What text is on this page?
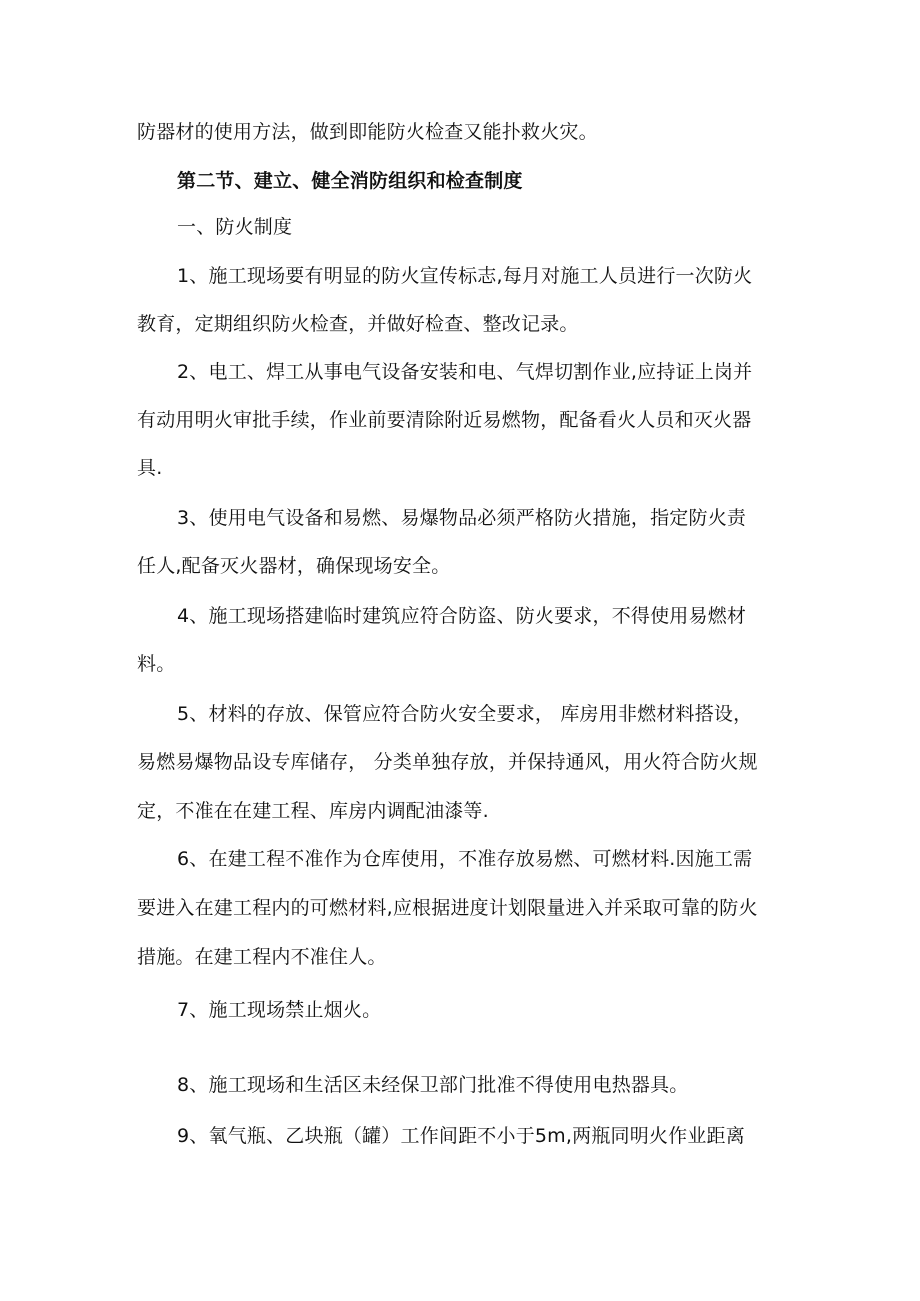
防器材的使用方法，做到即能防火检查又能扑救火灾。
第二节、建立、健全消防组织和检查制度
一、防火制度
1、施工现场要有明显的防火宣传标志,每月对施工人员进行一次防火
教育，定期组织防火检查，并做好检查、整改记录。
2、电工、焊工从事电气设备安装和电、气焊切割作业,应持证上岗并
有动用明火审批手续，作业前要清除附近易燃物，配备看火人员和灭火器
具.
3、使用电气设备和易燃、易爆物品必须严格防火措施，指定防火责
任人,配备灭火器材，确保现场安全。
4、施工现场搭建临时建筑应符合防盗、防火要求，不得使用易燃材
料。
5、材料的存放、保管应符合防火安全要求， 库房用非燃材料搭设，
易燃易爆物品设专库储存， 分类单独存放，并保持通风，用火符合防火规
定，不准在在建工程、库房内调配油漆等.
6、在建工程不准作为仓库使用，不准存放易燃、可燃材料.因施工需
要进入在建工程内的可燃材料,应根据进度计划限量进入并采取可靠的防火
措施。在建工程内不准住人。
7、施工现场禁止烟火。
8、施工现场和生活区未经保卫部门批准不得使用电热器具。
9、氧气瓶、乙块瓶（罐）工作间距不小于5m,两瓶同明火作业距离
